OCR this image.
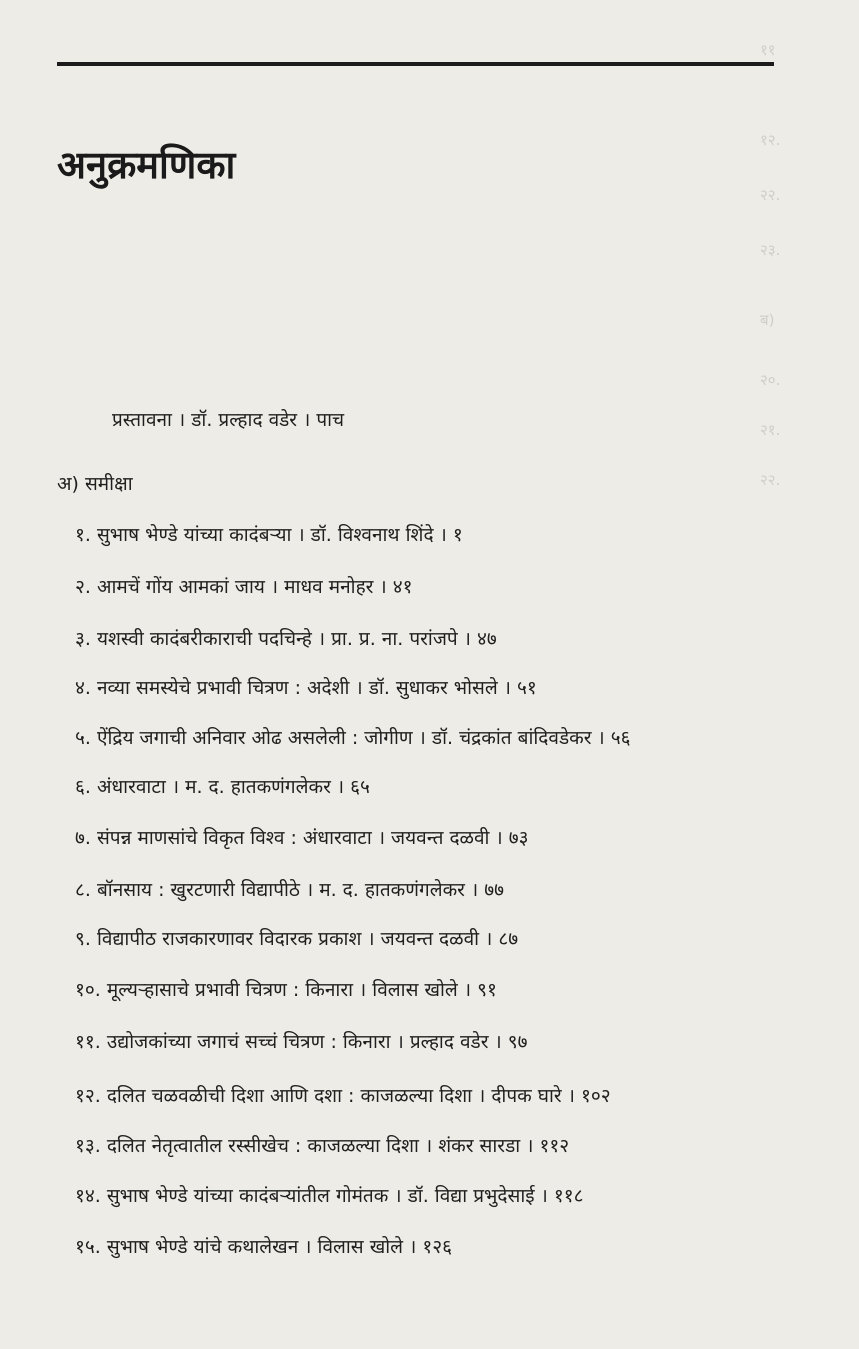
११
१२.
२२.
२३.
ब)
२०.
२१.
२२.
अनुक्रमणिका
प्रस्तावना । डॉ. प्रल्हाद वडेर । पाच
अ) समीक्षा
१. सुभाष भेण्डे यांच्या कादंबऱ्या । डॉ. विश्वनाथ शिंदे । १
२. आमचें गोंय आमकां जाय । माधव मनोहर । ४१
३. यशस्वी कादंबरीकाराची पदचिन्हे । प्रा. प्र. ना. परांजपे । ४७
४. नव्या समस्येचे प्रभावी चित्रण : अदेशी । डॉ. सुधाकर भोसले । ५१
५. ऐंद्रिय जगाची अनिवार ओढ असलेली : जोगीण । डॉ. चंद्रकांत बांदिवडेकर । ५६
६. अंधारवाटा । म. द. हातकणंगलेकर । ६५
७. संपन्न माणसांचे विकृत विश्व : अंधारवाटा । जयवन्त दळवी । ७३
८. बॉनसाय : खुरटणारी विद्यापीठे । म. द. हातकणंगलेकर । ७७
९. विद्यापीठ राजकारणावर विदारक प्रकाश । जयवन्त दळवी । ८७
१०. मूल्यऱ्हासाचे प्रभावी चित्रण : किनारा । विलास खोले । ९१
११. उद्योजकांच्या जगाचं सच्चं चित्रण : किनारा । प्रल्हाद वडेर । ९७
१२. दलित चळवळीची दिशा आणि दशा : काजळल्या दिशा । दीपक घारे । १०२
१३. दलित नेतृत्वातील रस्सीखेच : काजळल्या दिशा । शंकर सारडा । ११२
१४. सुभाष भेण्डे यांच्या कादंबऱ्यांतील गोमंतक । डॉ. विद्या प्रभुदेसाई । ११८
१५. सुभाष भेण्डे यांचे कथालेखन । विलास खोले । १२६
